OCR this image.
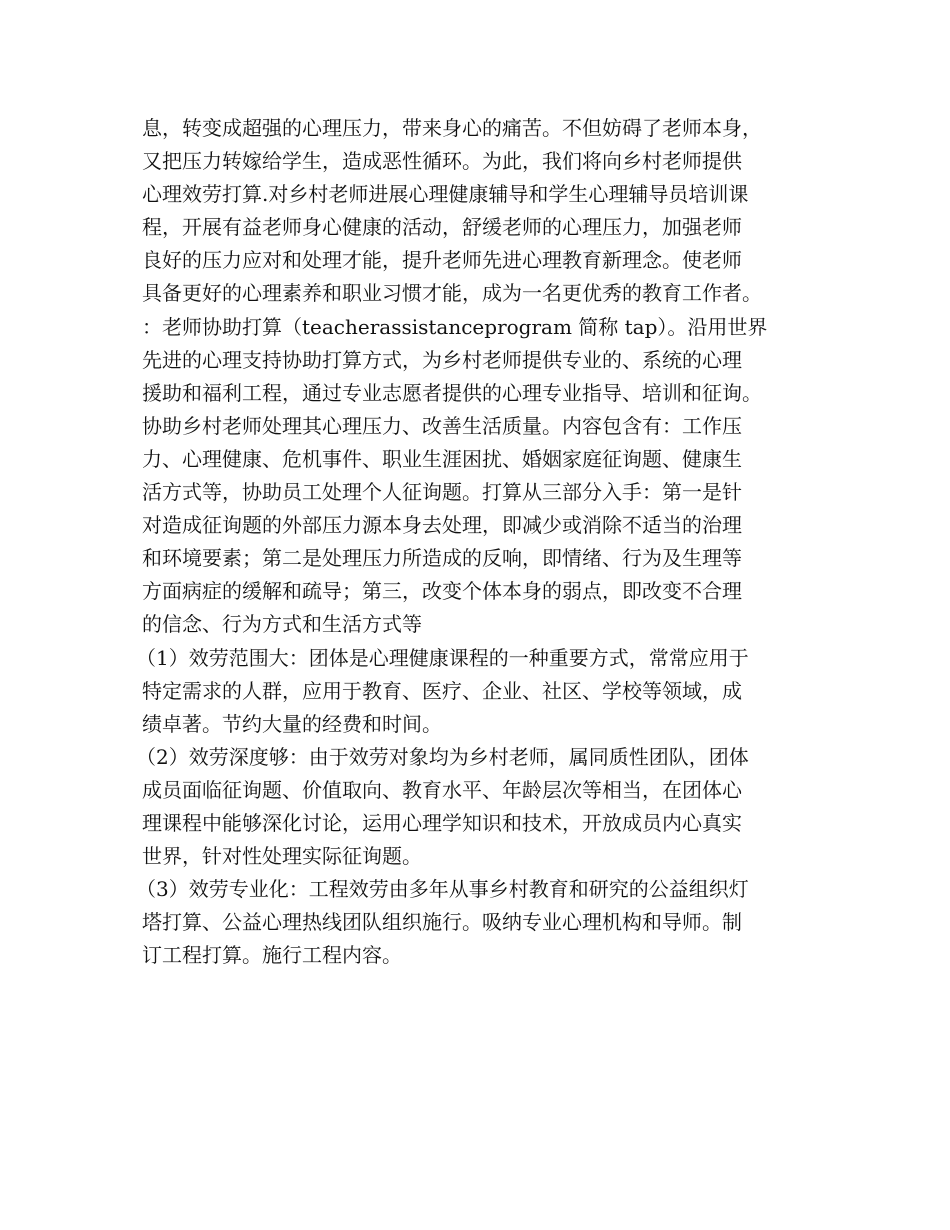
息，转变成超强的心理压力，带来身心的痛苦。不但妨碍了老师本身，
又把压力转嫁给学生，造成恶性循环。为此，我们将向乡村老师提供
心理效劳打算.对乡村老师进展心理健康辅导和学生心理辅导员培训课
程，开展有益老师身心健康的活动，舒缓老师的心理压力，加强老师
良好的压力应对和处理才能，提升老师先进心理教育新理念。使老师
具备更好的心理素养和职业习惯才能，成为一名更优秀的教育工作者。
：老师协助打算（teacherassistanceprogram 简称 tap）。沿用世界
先进的心理支持协助打算方式，为乡村老师提供专业的、系统的心理
援助和福利工程，通过专业志愿者提供的心理专业指导、培训和征询。
协助乡村老师处理其心理压力、改善生活质量。内容包含有：工作压
力、心理健康、危机事件、职业生涯困扰、婚姻家庭征询题、健康生
活方式等，协助员工处理个人征询题。打算从三部分入手：第一是针
对造成征询题的外部压力源本身去处理，即减少或消除不适当的治理
和环境要素；第二是处理压力所造成的反响，即情绪、行为及生理等
方面病症的缓解和疏导；第三，改变个体本身的弱点，即改变不合理
的信念、行为方式和生活方式等
（1）效劳范围大：团体是心理健康课程的一种重要方式，常常应用于
特定需求的人群，应用于教育、医疗、企业、社区、学校等领域，成
绩卓著。节约大量的经费和时间。
（2）效劳深度够：由于效劳对象均为乡村老师，属同质性团队，团体
成员面临征询题、价值取向、教育水平、年龄层次等相当，在团体心
理课程中能够深化讨论，运用心理学知识和技术，开放成员内心真实
世界，针对性处理实际征询题。
（3）效劳专业化：工程效劳由多年从事乡村教育和研究的公益组织灯
塔打算、公益心理热线团队组织施行。吸纳专业心理机构和导师。制
订工程打算。施行工程内容。
